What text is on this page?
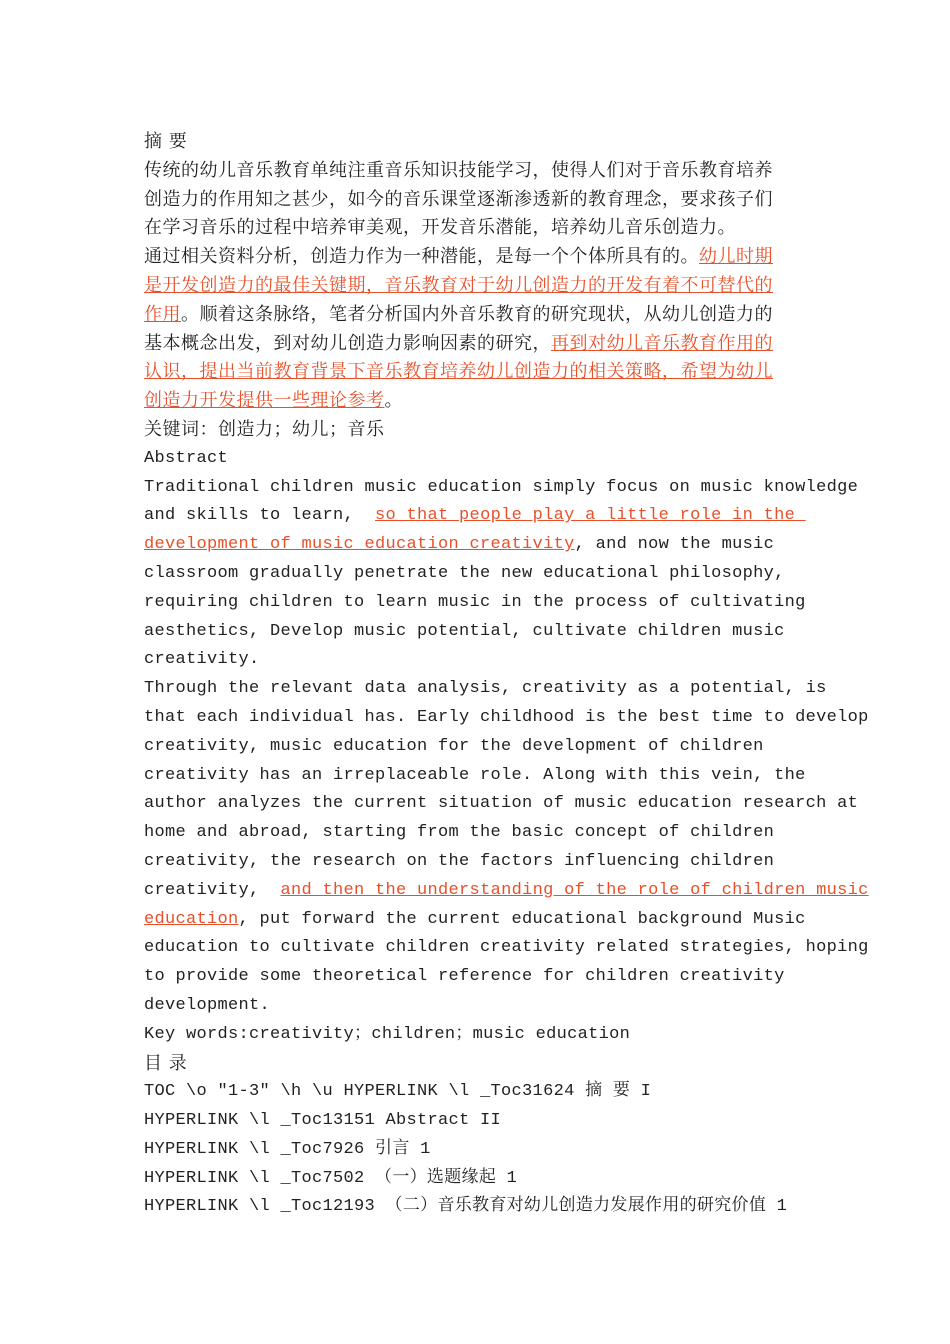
摘 要
传统的幼儿音乐教育单纯注重音乐知识技能学习，使得人们对于音乐教育培养
创造力的作用知之甚少，如今的音乐课堂逐渐渗透新的教育理念，要求孩子们
在学习音乐的过程中培养审美观，开发音乐潜能，培养幼儿音乐创造力。
通过相关资料分析，创造力作为一种潜能，是每一个个体所具有的。幼儿时期
是开发创造力的最佳关键期，音乐教育对于幼儿创造力的开发有着不可替代的
作用。顺着这条脉络，笔者分析国内外音乐教育的研究现状，从幼儿创造力的
基本概念出发，到对幼儿创造力影响因素的研究，再到对幼儿音乐教育作用的
认识，提出当前教育背景下音乐教育培养幼儿创造力的相关策略，希望为幼儿
创造力开发提供一些理论参考。
关键词：创造力；幼儿；音乐
Abstract
Traditional children music education simply focus on music knowledge
and skills to learn,  so that people play a little role in the
development of music education creativity, and now the music
classroom gradually penetrate the new educational philosophy,
requiring children to learn music in the process of cultivating
aesthetics, Develop music potential, cultivate children music
creativity.
Through the relevant data analysis, creativity as a potential, is
that each individual has. Early childhood is the best time to develop
creativity, music education for the development of children
creativity has an irreplaceable role. Along with this vein, the
author analyzes the current situation of music education research at
home and abroad, starting from the basic concept of children
creativity, the research on the factors influencing children
creativity,  and then the understanding of the role of children music
education, put forward the current educational background Music
education to cultivate children creativity related strategies, hoping
to provide some theoretical reference for children creativity
development.
Key words:creativity；children；music education
目 录
TOC \o "1-3" \h \u HYPERLINK \l _Toc31624 摘 要 I
HYPERLINK \l _Toc13151 Abstract II
HYPERLINK \l _Toc7926 引言 1
HYPERLINK \l _Toc7502 （一）选题缘起 1
HYPERLINK \l _Toc12193 （二）音乐教育对幼儿创造力发展作用的研究价值 1
